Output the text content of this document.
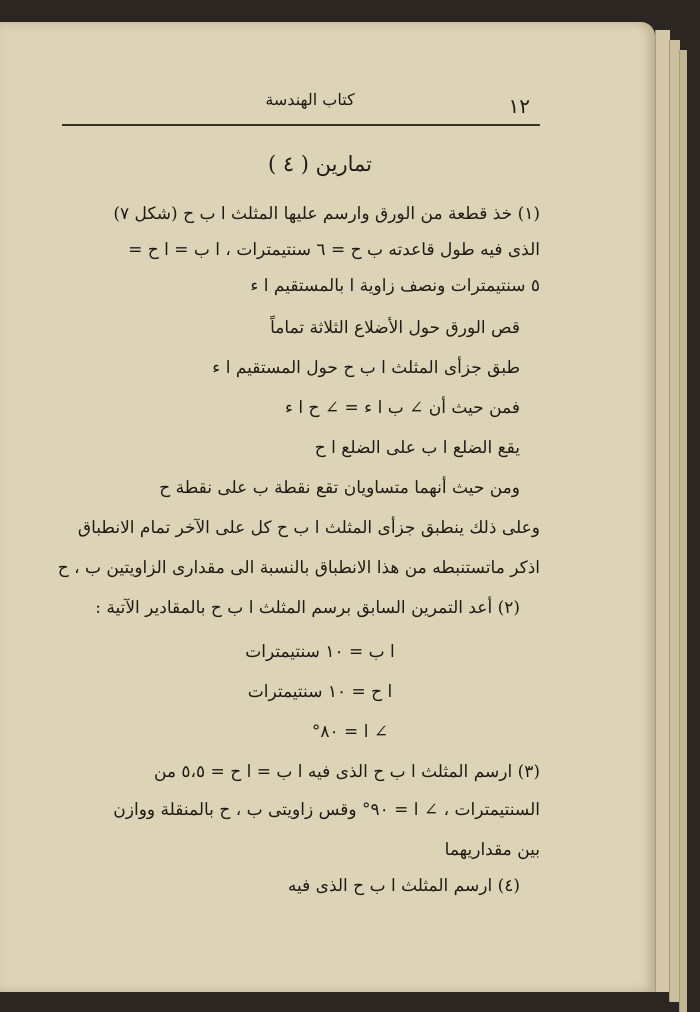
١٢
كتاب الهندسة
تمارين ( ٤ )
(١) خذ قطعة من الورق وارسم عليها المثلث ا ب ح (شكل ٧)
الذى فيه طول قاعدته ب ح = ٦ سنتيمترات ، ا ب = ا ح =
٥ سنتيمترات ونصف زاوية ا بالمستقيم ا ء
قص الورق حول الأضلاع الثلاثة تماماً
طبق جزأى المثلث ا ب ح حول المستقيم ا ء
فمن حيث أن ∠ ب ا ء = ∠ ح ا ء
يقع الضلع ا ب على الضلع ا ح
ومن حيث أنهما متساويان تقع نقطة ب على نقطة ح
وعلى ذلك ينطبق جزأى المثلث ا ب ح كل على الآخر تمام الانطباق
اذكر ماتستنبطه من هذا الانطباق بالنسبة الى مقدارى الزاويتين ب ، ح
(٢) أعد التمرين السابق برسم المثلث ا ب ح بالمقادير الآتية :
ا ب = ١٠ سنتيمترات
ا ح = ١٠ سنتيمترات
∠ ا = ٨٠°
(٣) ارسم المثلث ا ب ح الذى فيه ا ب = ا ح = ٥،٥ من
السنتيمترات ، ∠ ا = ٩٠° وقس زاويتى ب ، ح بالمنقلة ووازن
بين مقداريهما
(٤) ارسم المثلث ا ب ح الذى فيه
